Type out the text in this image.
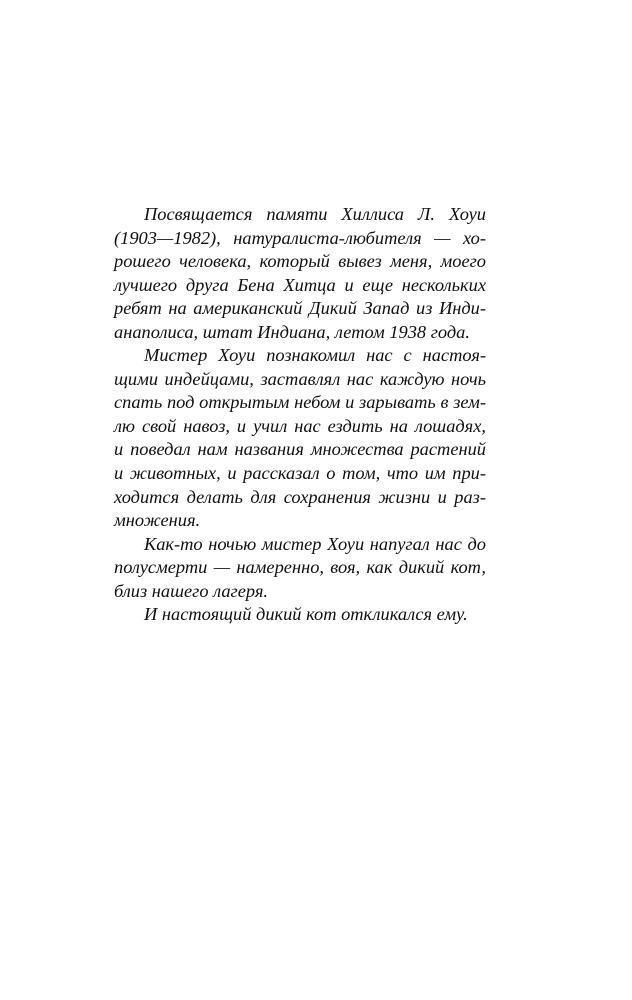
Посвящается памяти Хиллиса Л. Хоуи
(1903—1982), натуралиста-любителя — хо-
рошего человека, который вывез меня, моего
лучшего друга Бена Хитца и еще нескольких
ребят на американский Дикий Запад из Инди-
анаполиса, штат Индиана, летом 1938 года.
Мистер Хоуи познакомил нас с настоя-
щими индейцами, заставлял нас каждую ночь
спать под открытым небом и зарывать в зем-
лю свой навоз, и учил нас ездить на лошадях,
и поведал нам названия множества растений
и животных, и рассказал о том, что им при-
ходится делать для сохранения жизни и раз-
множения.
Как-то ночью мистер Хоуи напугал нас до
полусмерти — намеренно, воя, как дикий кот,
близ нашего лагеря.
И настоящий дикий кот откликался ему.
